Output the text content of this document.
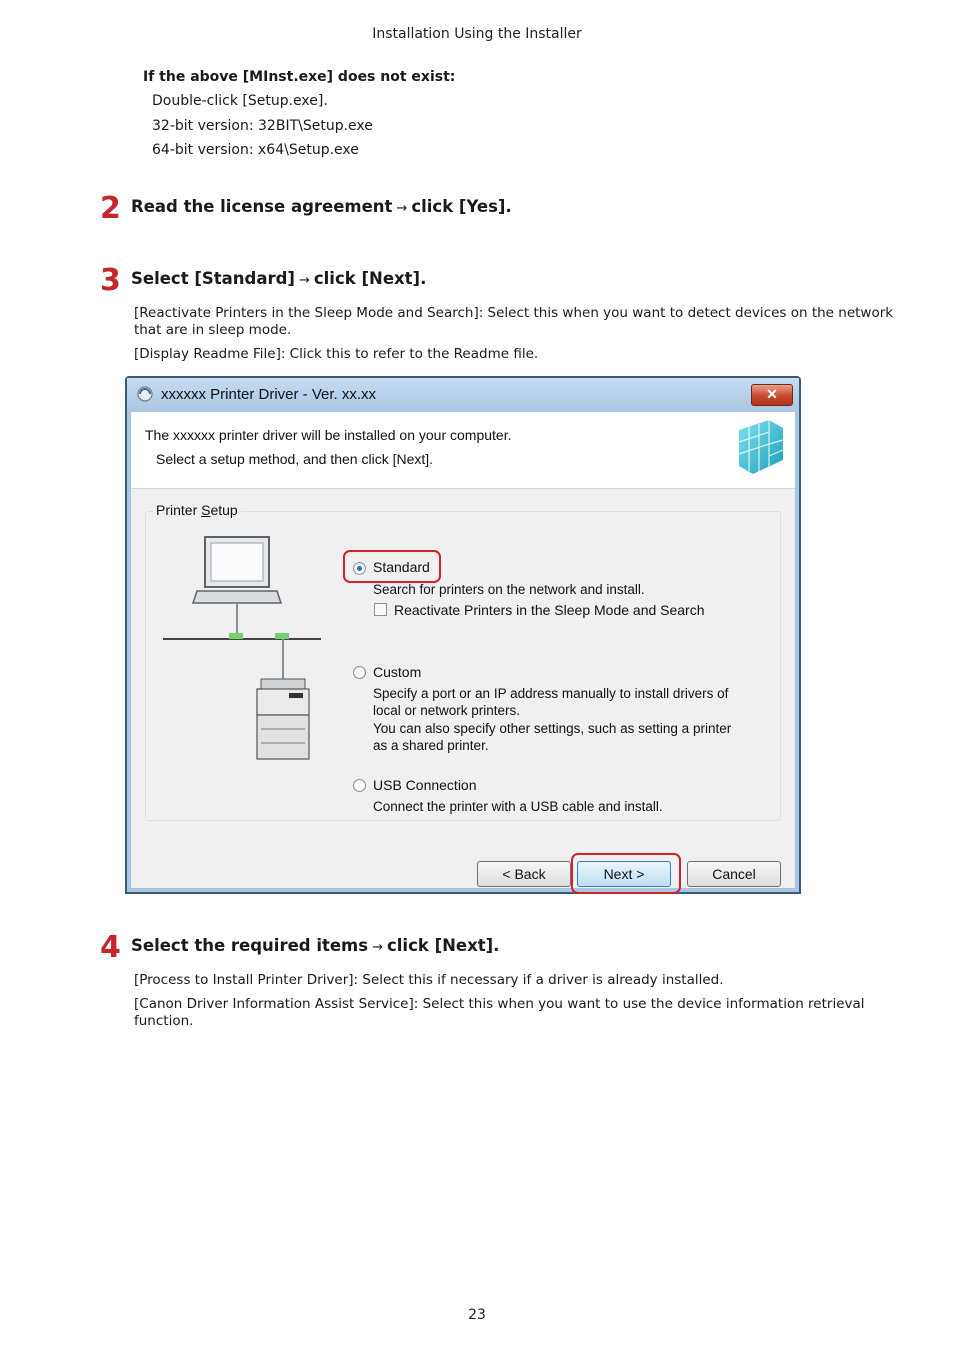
Installation Using the Installer
If the above [MInst.exe] does not exist:
Double-click [Setup.exe].
32-bit version: 32BIT\Setup.exe
64-bit version: x64\Setup.exe
2 Read the license agreement → click [Yes].
3 Select [Standard] → click [Next].
[Reactivate Printers in the Sleep Mode and Search]: Select this when you want to detect devices on the network that are in sleep mode.
[Display Readme File]: Click this to refer to the Readme file.
xxxxxx Printer Driver - Ver. xx.xx	✕
The xxxxxx printer driver will be installed on your computer.
Select a setup method, and then click [Next].
Printer Setup
Standard
Search for printers on the network and install.
Reactivate Printers in the Sleep Mode and Search
Custom
Specify a port or an IP address manually to install drivers of
local or network printers.
You can also specify other settings, such as setting a printer
as a shared printer.
USB Connection
Connect the printer with a USB cable and install.
< Back	Next >	Cancel
4 Select the required items → click [Next].
[Process to Install Printer Driver]: Select this if necessary if a driver is already installed.
[Canon Driver Information Assist Service]: Select this when you want to use the device information retrieval function.
23
